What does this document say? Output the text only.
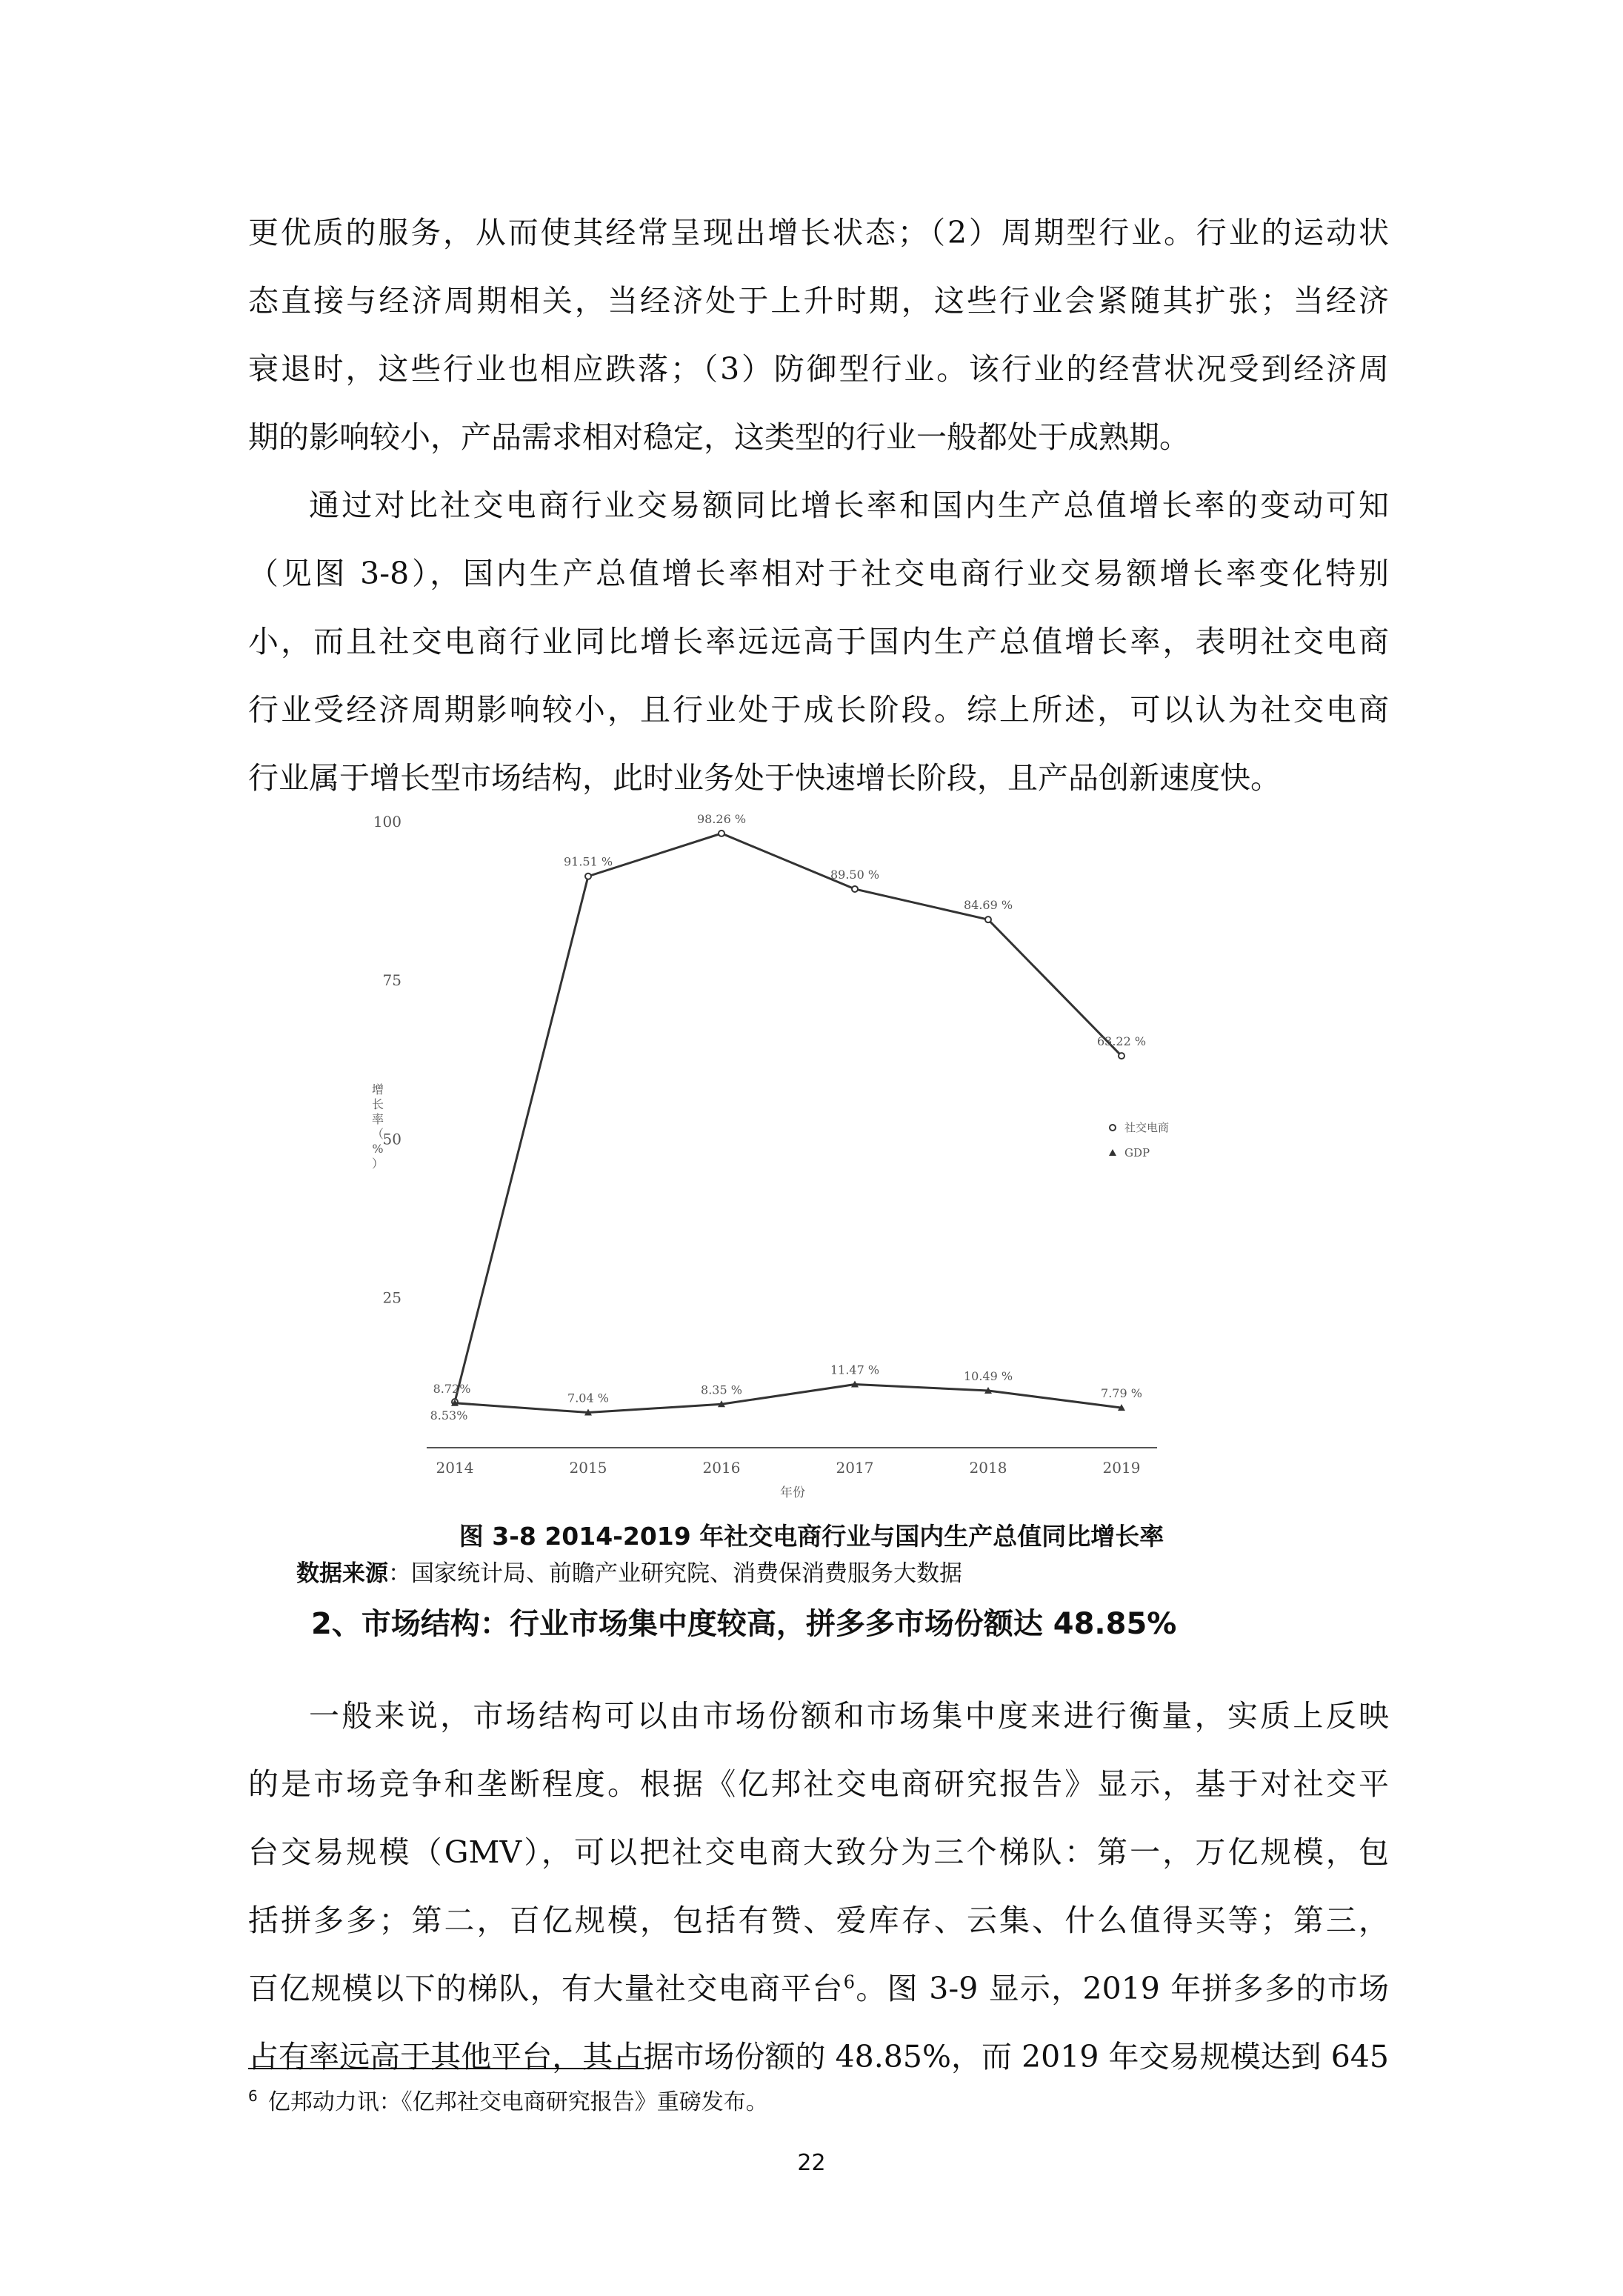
更优质的服务，从而使其经常呈现出增长状态；（2）周期型行业。行业的运动状
态直接与经济周期相关，当经济处于上升时期，这些行业会紧随其扩张；当经济
衰退时，这些行业也相应跌落；（3）防御型行业。该行业的经营状况受到经济周
期的影响较小，产品需求相对稳定，这类型的行业一般都处于成熟期。
通过对比社交电商行业交易额同比增长率和国内生产总值增长率的变动可知
（见图 3-8），国内生产总值增长率相对于社交电商行业交易额增长率变化特别
小，而且社交电商行业同比增长率远远高于国内生产总值增长率，表明社交电商
行业受经济周期影响较小，且行业处于成长阶段。综上所述，可以认为社交电商
行业属于增长型市场结构，此时业务处于快速增长阶段，且产品创新速度快。
25
50
75
100
增
长
率
（
%
）
2014	2015	2016	2017	2018	2019
年份
8.72%
91.51 %
98.26 %
89.50 %
84.69 %
63.22 %
8.53%
7.04 %
8.35 %
11.47 %	10.49 %
7.79 %
社交电商
GDP

图 3-8 2014-2019 年社交电商行业与国内生产总值同比增长率

数据来源：国家统计局、前瞻产业研究院、消费保消费服务大数据

2、市场结构：行业市场集中度较高，拼多多市场份额达 48.85%

一般来说，市场结构可以由市场份额和市场集中度来进行衡量，实质上反映
的是市场竞争和垄断程度。根据《亿邦社交电商研究报告》显示，基于对社交平
台交易规模（GMV），可以把社交电商大致分为三个梯队：第一，万亿规模，包
括拼多多；第二，百亿规模，包括有赞、爱库存、云集、什么值得买等；第三，
百亿规模以下的梯队，有大量社交电商平台$^6$。图 3-9 显示，2019 年拼多多的市场
占有率远高于其他平台，其占据市场份额的 48.85%，而 2019 年交易规模达到 645

$^6$ 亿邦动力讯：《亿邦社交电商研究报告》重磅发布。

22
